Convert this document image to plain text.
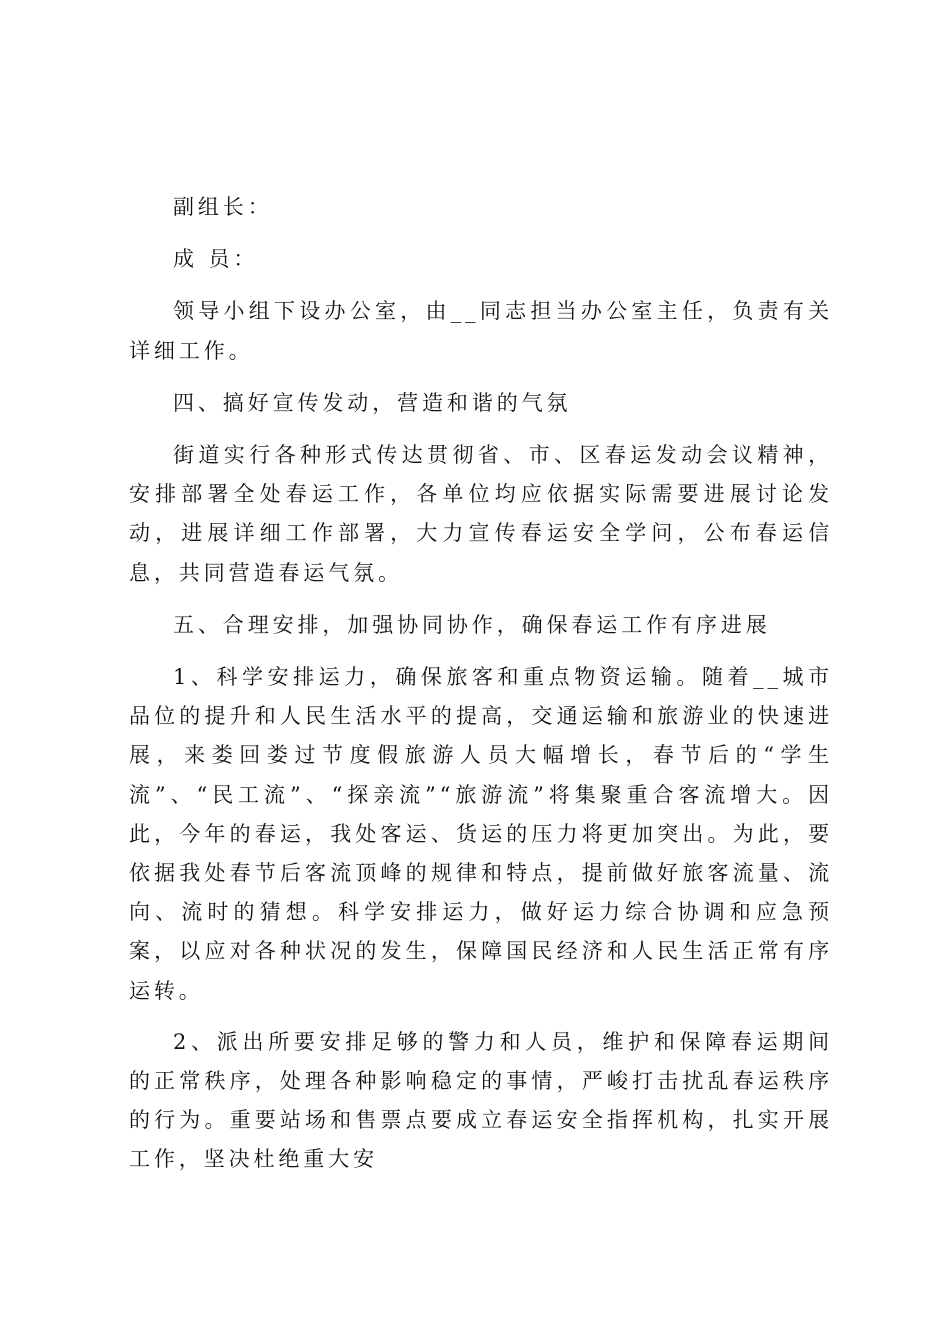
副组长：

成 员：

领导小组下设办公室，由__同志担当办公室主任，负责有关详细工作。

四、搞好宣传发动，营造和谐的气氛

街道实行各种形式传达贯彻省、市、区春运发动会议精神，安排部署全处春运工作，各单位均应依据实际需要进展讨论发动，进展详细工作部署，大力宣传春运安全学问，公布春运信息，共同营造春运气氛。

五、合理安排，加强协同协作，确保春运工作有序进展

1、科学安排运力，确保旅客和重点物资运输。随着__城市品位的提升和人民生活水平的提高，交通运输和旅游业的快速进展，来娄回娄过节度假旅游人员大幅增长，春节后的“学生流”、“民工流”、“探亲流”“旅游流”将集聚重合客流增大。因此，今年的春运，我处客运、货运的压力将更加突出。为此，要依据我处春节后客流顶峰的规律和特点，提前做好旅客流量、流向、流时的猜想。科学安排运力，做好运力综合协调和应急预案，以应对各种状况的发生，保障国民经济和人民生活正常有序运转。

2、派出所要安排足够的警力和人员，维护和保障春运期间的正常秩序，处理各种影响稳定的事情，严峻打击扰乱春运秩序的行为。重要站场和售票点要成立春运安全指挥机构，扎实开展工作，坚决杜绝重大安
